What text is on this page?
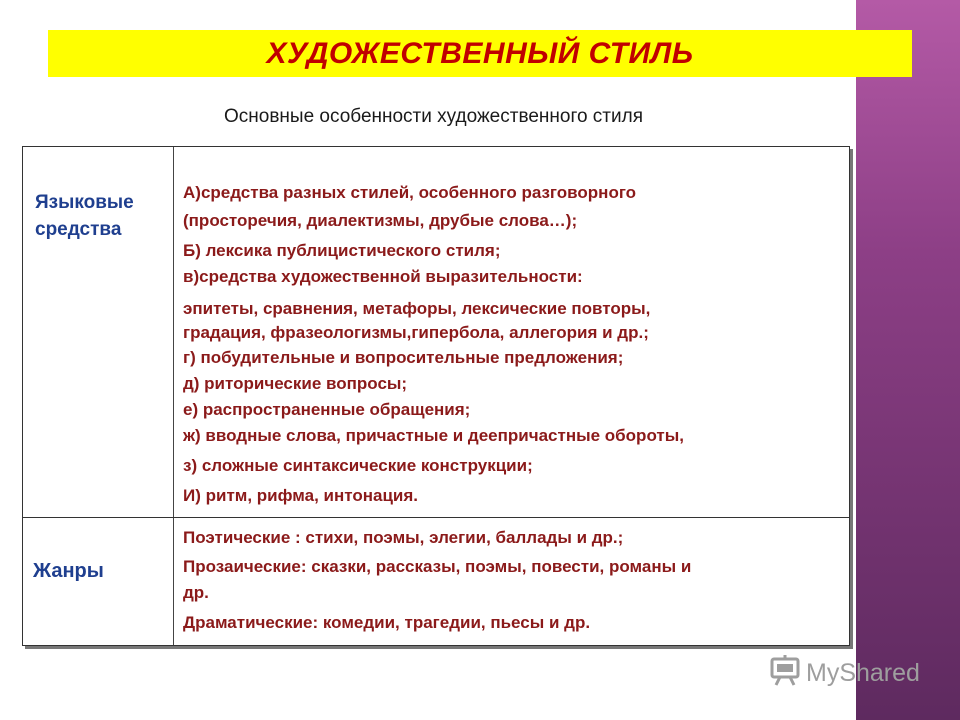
ХУДОЖЕСТВЕННЫЙ СТИЛЬ
Основные особенности художественного стиля
Языковые
средства
А)средства разных стилей, особенного разговорного
(просторечия, диалектизмы, друбые слова…);
Б) лексика публицистического стиля;
в)средства художественной выразительности:
эпитеты, сравнения, метафоры, лексические повторы,
градация, фразеологизмы,гипербола, аллегория и др.;
г) побудительные и вопросительные предложения;
д) риторические вопросы;
е) распространенные обращения;
ж) вводные слова, причастные и деепричастные обороты,
з) сложные синтаксические конструкции;
И) ритм, рифма, интонация.
Жанры
Поэтические : стихи, поэмы, элегии, баллады и др.;
Прозаические: сказки, рассказы, поэмы, повести, романы и
др.
Драматические: комедии, трагедии, пьесы и др.
MyShared
